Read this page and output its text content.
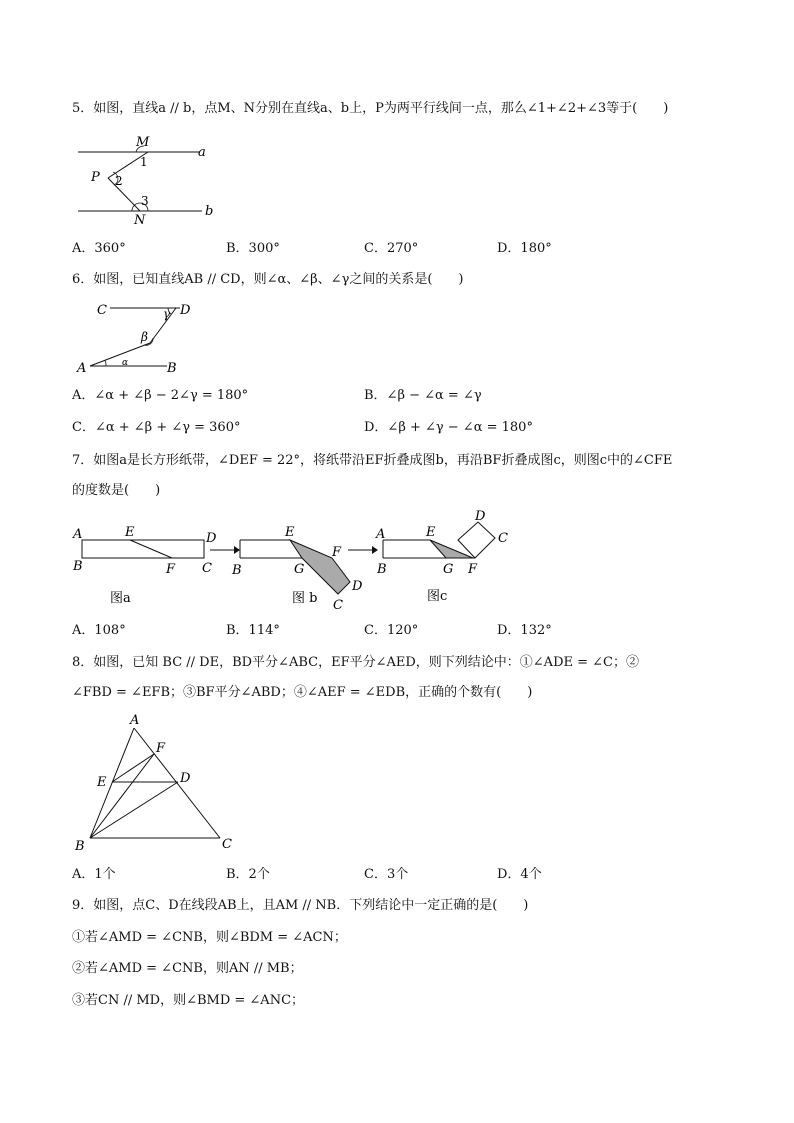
5．如图，直线a // b，点M、N分别在直线a、b上，P为两平行线间一点，那么∠1+∠2+∠3等于(　　)
M
a
1
P 2
3
b
N
A．360°	B．300°	C．270°	D．180°
6．如图，已知直线AB // CD，则∠α、∠β、∠γ之间的关系是(　　)
C	D
γ
β
α
A	B
A．∠α + ∠β − 2∠γ = 180°	B．∠β − ∠α = ∠γ
C．∠α + ∠β + ∠γ = 360°	D．∠β + ∠γ − ∠α = 180°
7．如图a是长方形纸带，∠DEF = 22°，将纸带沿EF折叠成图b，再沿BF折叠成图c，则图c中的∠CFE
的度数是(　　)
A	E	D
B	F C
图a
E
F
B	G
D
C
图 b
A	E
D
C
B	G F
图c
A．108°	B．114°	C．120°	D．132°
8．如图，已知 BC // DE，BD平分∠ABC，EF平分∠AED，则下列结论中：①∠ADE = ∠C；②
∠FBD = ∠EFB；③BF平分∠ABD；④∠AEF = ∠EDB，正确的个数有(　　)
A
F
E	D
B	C
A．1个	B．2个	C．3个	D．4个
9．如图，点C、D在线段AB上，且AM // NB．下列结论中一定正确的是(　　)
①若∠AMD = ∠CNB，则∠BDM = ∠ACN；
②若∠AMD = ∠CNB，则AN // MB；
③若CN // MD，则∠BMD = ∠ANC；
